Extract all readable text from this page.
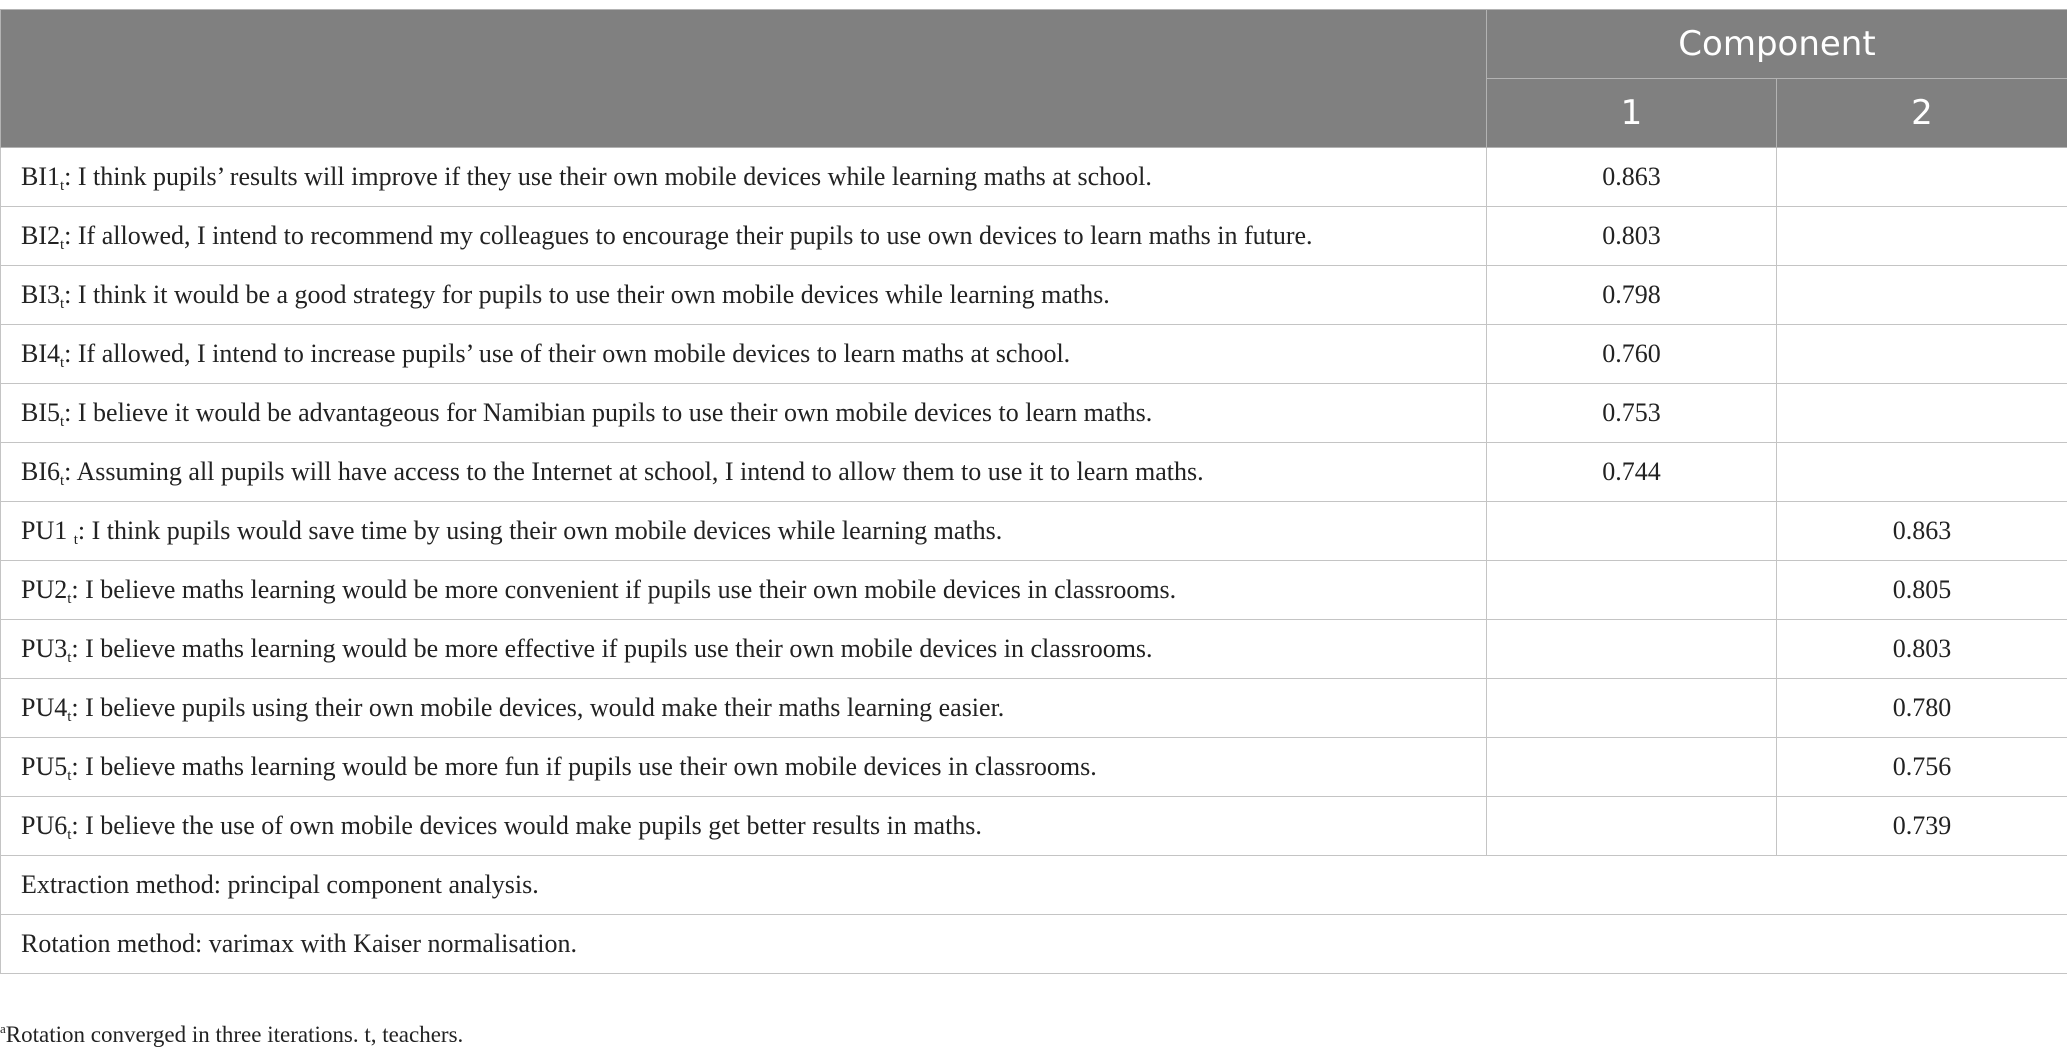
	Component	
	1	2
$BI1_t$: I think pupils’ results will improve if they use their own mobile devices while learning maths at school.	0.863	
$BI2_t$: If allowed, I intend to recommend my colleagues to encourage their pupils to use own devices to learn maths in future.	0.803	
$BI3_t$: I think it would be a good strategy for pupils to use their own mobile devices while learning maths.	0.798	
$BI4_t$: If allowed, I intend to increase pupils’ use of their own mobile devices to learn maths at school.	0.760	
$BI5_t$: I believe it would be advantageous for Namibian pupils to use their own mobile devices to learn maths.	0.753	
$BI6_t$: Assuming all pupils will have access to the Internet at school, I intend to allow them to use it to learn maths.	0.744	
PU1 $_t$: I think pupils would save time by using their own mobile devices while learning maths.		0.863
$PU2_t$: I believe maths learning would be more convenient if pupils use their own mobile devices in classrooms.		0.805
$PU3_t$: I believe maths learning would be more effective if pupils use their own mobile devices in classrooms.		0.803
$PU4_t$: I believe pupils using their own mobile devices, would make their maths learning easier.		0.780
$PU5_t$: I believe maths learning would be more fun if pupils use their own mobile devices in classrooms.		0.756
$PU6_t$: I believe the use of own mobile devices would make pupils get better results in maths.		0.739
Extraction method: principal component analysis.		
Rotation method: varimax with Kaiser normalisation.		
$^a$Rotation converged in three iterations. t, teachers.
